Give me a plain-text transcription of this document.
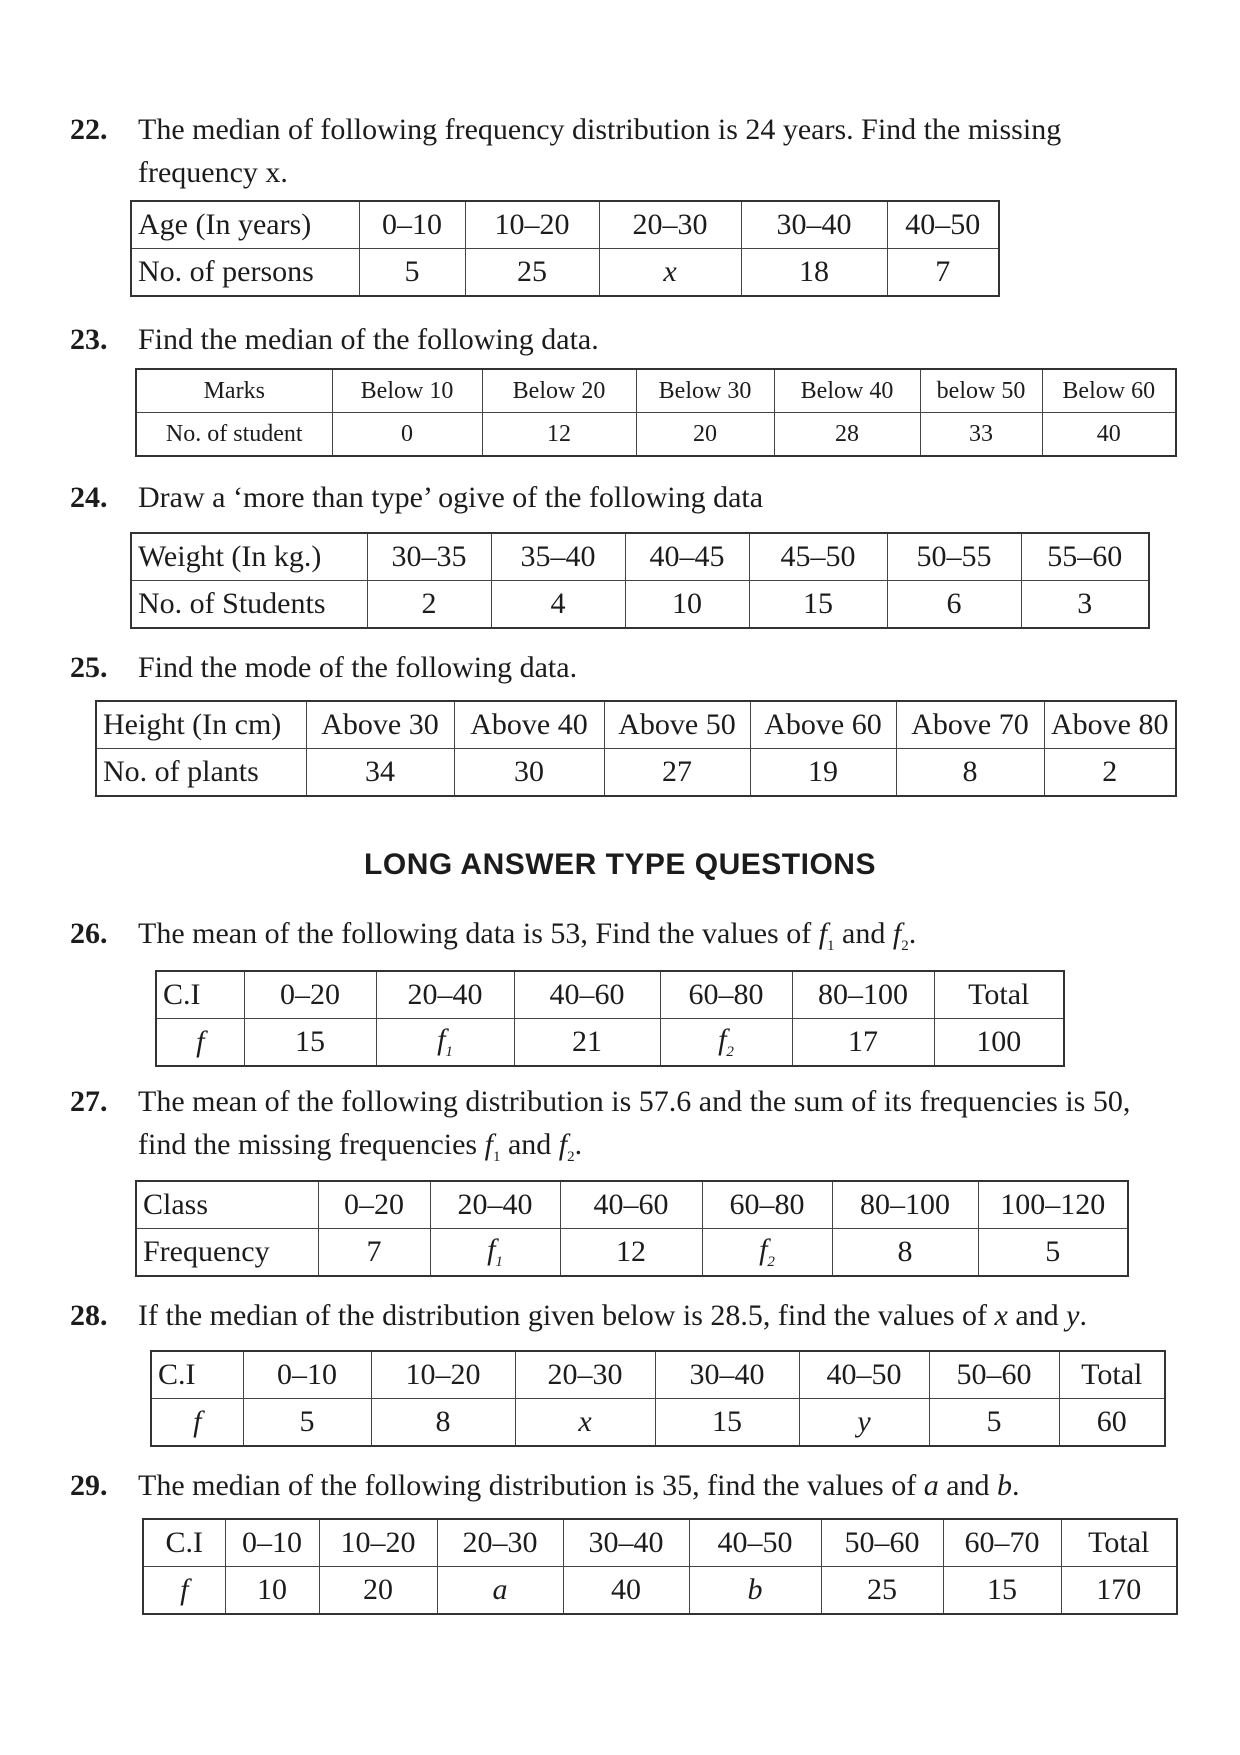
22. The median of following frequency distribution is 24 years. Find the missing frequency x.
Age (In years)	0–10	10–20	20–30	30–40	40–50
No. of persons	5	25	x	18	7
23. Find the median of the following data.
Marks	Below 10	Below 20	Below 30	Below 40	below 50	Below 60
No. of student	0	12	20	28	33	40
24. Draw a ‘more than type’ ogive of the following data
Weight (In kg.)	30–35	35–40	40–45	45–50	50–55	55–60
No. of Students	2	4	10	15	6	3
25. Find the mode of the following data.
Height (In cm)	Above 30	Above 40	Above 50	Above 60	Above 70	Above 80
No. of plants	34	30	27	19	8	2
LONG ANSWER TYPE QUESTIONS
26. The mean of the following data is 53, Find the values of $f_1$ and $f_2$.
C.I	0–20	20–40	40–60	60–80	80–100	Total
f	15	$f_1$	21	$f_2$	17	100
27. The mean of the following distribution is 57.6 and the sum of its frequencies is 50,
find the missing frequencies $f_1$ and $f_2$.
Class	0–20	20–40	40–60	60–80	80–100	100–120
Frequency	7	$f_1$	12	$f_2$	8	5
28. If the median of the distribution given below is 28.5, find the values of x and y.
C.I	0–10	10–20	20–30	30–40	40–50	50–60	Total
f	5	8	x	15	y	5	60
29. The median of the following distribution is 35, find the values of a and b.
C.I	0–10	10–20	20–30	30–40	40–50	50–60	60–70	Total
f	10	20	a	40	b	25	15	170
